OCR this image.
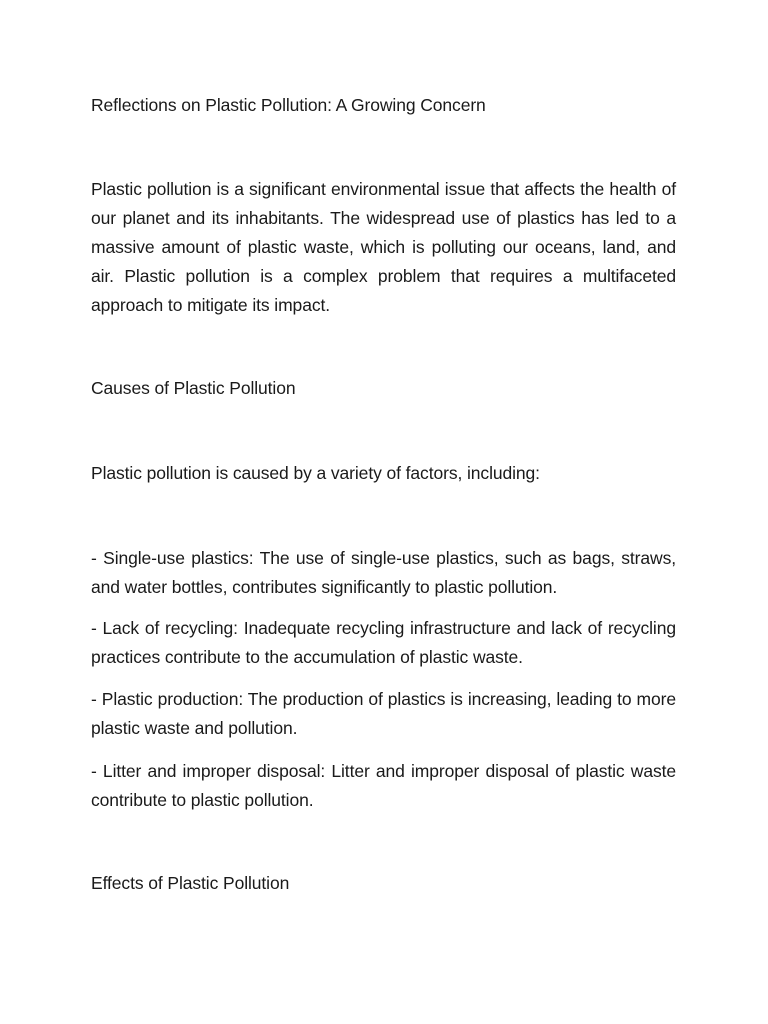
Reflections on Plastic Pollution: A Growing Concern

Plastic pollution is a significant environmental issue that affects the health of our planet and its inhabitants. The widespread use of plastics has led to a massive amount of plastic waste, which is polluting our oceans, land, and air. Plastic pollution is a complex problem that requires a multifaceted approach to mitigate its impact.

Causes of Plastic Pollution

Plastic pollution is caused by a variety of factors, including:

- Single-use plastics: The use of single-use plastics, such as bags, straws, and water bottles, contributes significantly to plastic pollution.

- Lack of recycling: Inadequate recycling infrastructure and lack of recycling practices contribute to the accumulation of plastic waste.

- Plastic production: The production of plastics is increasing, leading to more plastic waste and pollution.

- Litter and improper disposal: Litter and improper disposal of plastic waste contribute to plastic pollution.

Effects of Plastic Pollution
